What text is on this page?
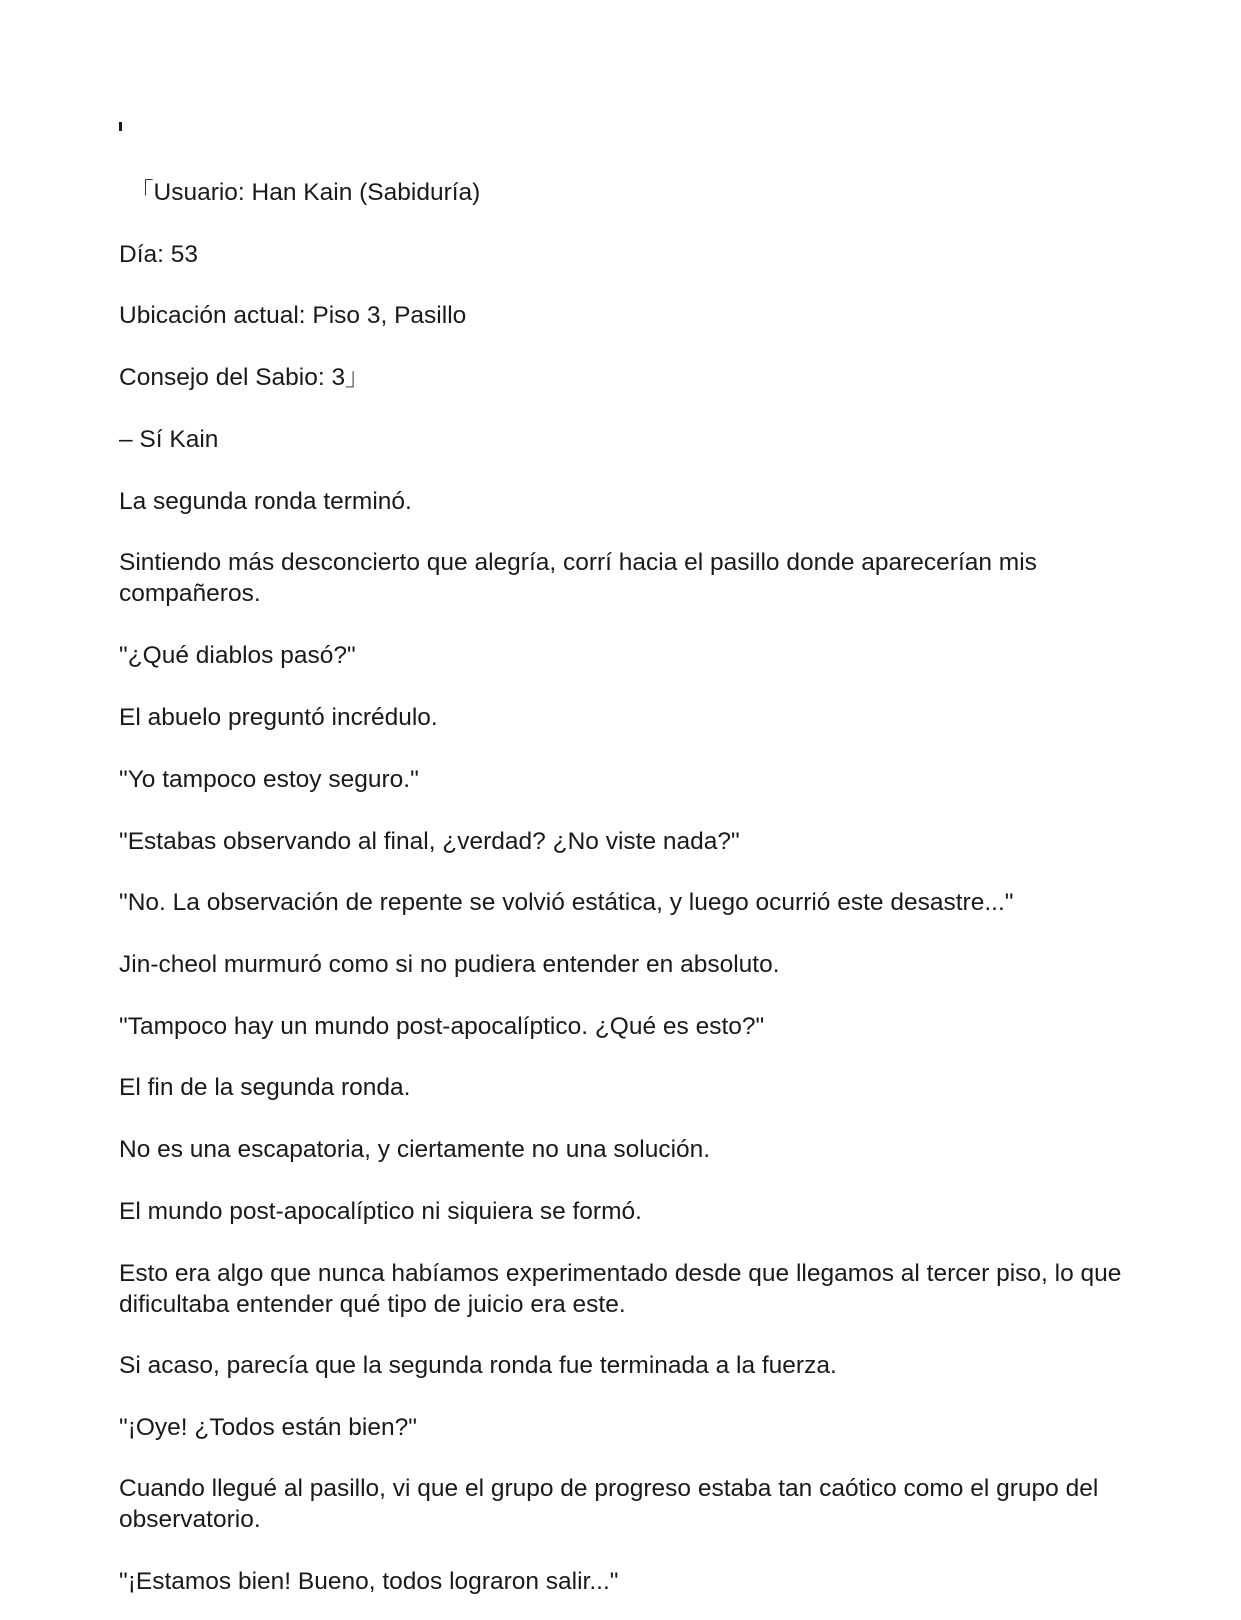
「Usuario: Han Kain (Sabiduría)

Día: 53

Ubicación actual: Piso 3, Pasillo

Consejo del Sabio: 3」

– Sí Kain

La segunda ronda terminó.

Sintiendo más desconcierto que alegría, corrí hacia el pasillo donde aparecerían mis compañeros.

"¿Qué diablos pasó?"

El abuelo preguntó incrédulo.

"Yo tampoco estoy seguro."

"Estabas observando al final, ¿verdad? ¿No viste nada?"

"No. La observación de repente se volvió estática, y luego ocurrió este desastre..."

Jin-cheol murmuró como si no pudiera entender en absoluto.

"Tampoco hay un mundo post-apocalíptico. ¿Qué es esto?"

El fin de la segunda ronda.

No es una escapatoria, y ciertamente no una solución.

El mundo post-apocalíptico ni siquiera se formó.

Esto era algo que nunca habíamos experimentado desde que llegamos al tercer piso, lo que dificultaba entender qué tipo de juicio era este.

Si acaso, parecía que la segunda ronda fue terminada a la fuerza.

"¡Oye! ¿Todos están bien?"

Cuando llegué al pasillo, vi que el grupo de progreso estaba tan caótico como el grupo del observatorio.

"¡Estamos bien! Bueno, todos lograron salir..."
